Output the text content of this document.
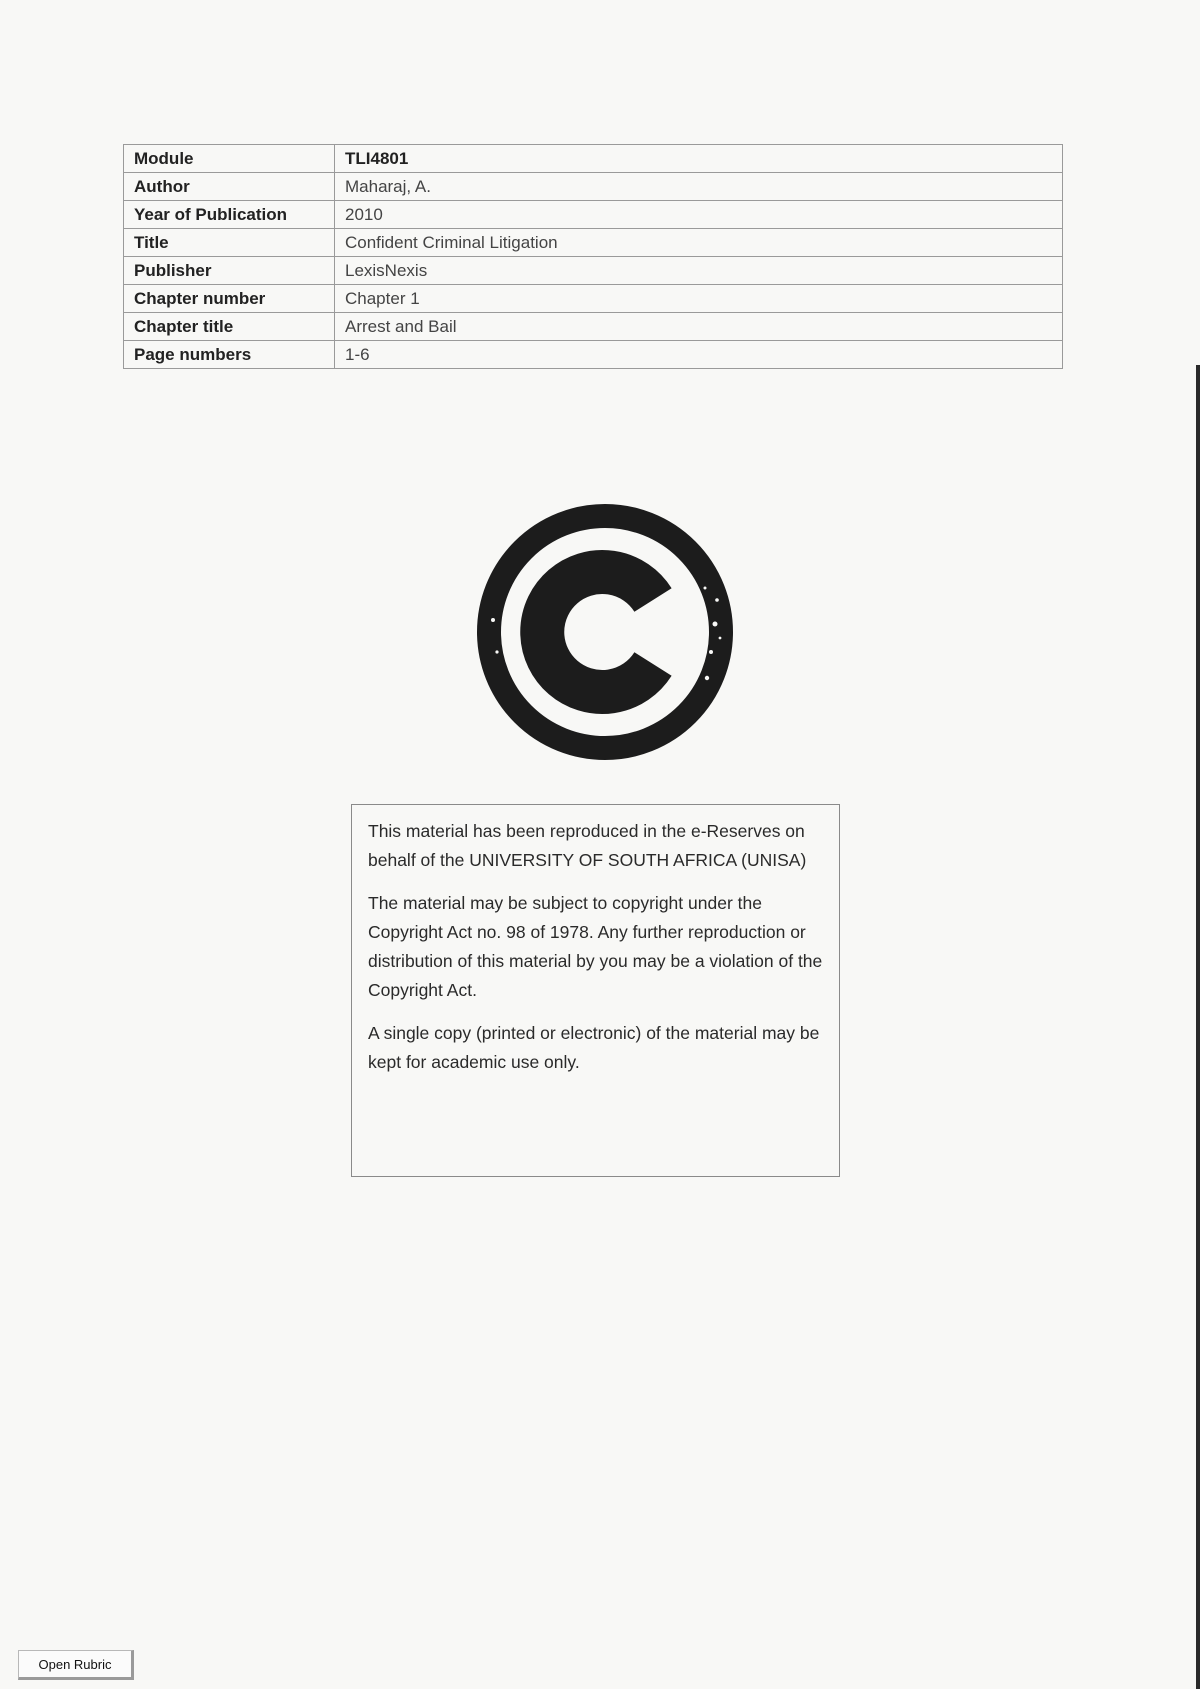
Module	TLI4801
Author	Maharaj, A.
Year of Publication	2010
Title	Confident Criminal Litigation
Publisher	LexisNexis
Chapter number	Chapter 1
Chapter title	Arrest and Bail
Page numbers	1-6

This material has been reproduced in the e-Reserves on behalf of the UNIVERSITY OF SOUTH AFRICA (UNISA)

The material may be subject to copyright under the Copyright Act no. 98 of 1978. Any further reproduction or distribution of this material by you may be a violation of the Copyright Act.

A single copy (printed or electronic) of the material may be kept for academic use only.

Open Rubric
